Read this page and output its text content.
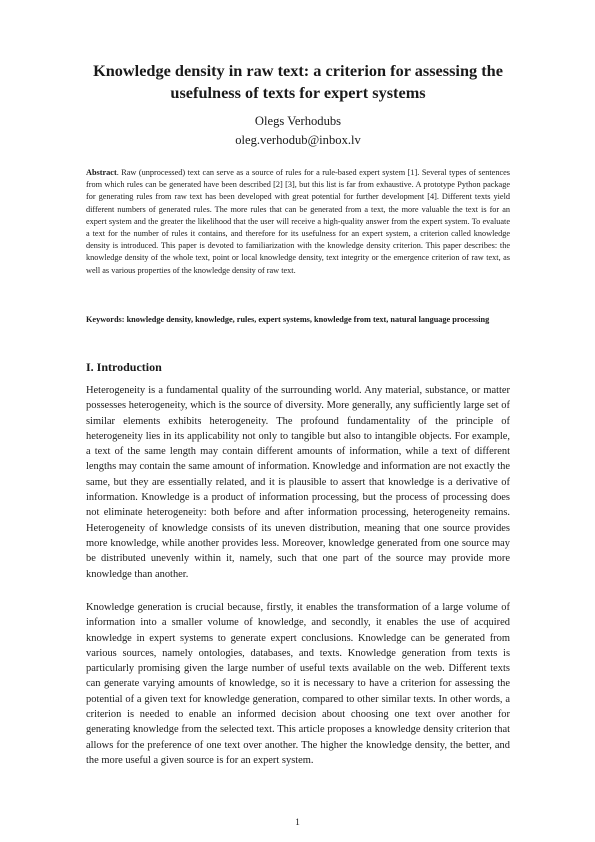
Knowledge density in raw text: a criterion for assessing the usefulness of texts for expert systems
Olegs Verhodubs
oleg.verhodub@inbox.lv

Abstract. Raw (unprocessed) text can serve as a source of rules for a rule-based expert system [1]. Several types of sentences from which rules can be generated have been described [2] [3], but this list is far from exhaustive. A prototype Python package for generating rules from raw text has been developed with great potential for further development [4]. Different texts yield different numbers of generated rules. The more rules that can be generated from a text, the more valuable the text is for an expert system and the greater the likelihood that the user will receive a high-quality answer from the expert system. To evaluate a text for the number of rules it contains, and therefore for its usefulness for an expert system, a criterion called knowledge density is introduced. This paper is devoted to familiarization with the knowledge density criterion. This paper describes: the knowledge density of the whole text, point or local knowledge density, text integrity or the emergence criterion of raw text, as well as various properties of the knowledge density of raw text.

Keywords: knowledge density, knowledge, rules, expert systems, knowledge from text, natural language processing

I. Introduction

Heterogeneity is a fundamental quality of the surrounding world. Any material, substance, or matter possesses heterogeneity, which is the source of diversity. More generally, any sufficiently large set of similar elements exhibits heterogeneity. The profound fundamentality of the principle of heterogeneity lies in its applicability not only to tangible but also to intangible objects. For example, a text of the same length may contain different amounts of information, while a text of different lengths may contain the same amount of information. Knowledge and information are not exactly the same, but they are essentially related, and it is plausible to assert that knowledge is a derivative of information. Knowledge is a product of information processing, but the process of processing does not eliminate heterogeneity: both before and after information processing, heterogeneity remains. Heterogeneity of knowledge consists of its uneven distribution, meaning that one source provides more knowledge, while another provides less. Moreover, knowledge generated from one source may be distributed unevenly within it, namely, such that one part of the source may provide more knowledge than another.

Knowledge generation is crucial because, firstly, it enables the transformation of a large volume of information into a smaller volume of knowledge, and secondly, it enables the use of acquired knowledge in expert systems to generate expert conclusions. Knowledge can be generated from various sources, namely ontologies, databases, and texts. Knowledge generation from texts is particularly promising given the large number of useful texts available on the web. Different texts can generate varying amounts of knowledge, so it is necessary to have a criterion for assessing the potential of a given text for knowledge generation, compared to other similar texts. In other words, a criterion is needed to enable an informed decision about choosing one text over another for generating knowledge from the selected text. This article proposes a knowledge density criterion that allows for the preference of one text over another. The higher the knowledge density, the better, and the more useful a given source is for an expert system.

1
